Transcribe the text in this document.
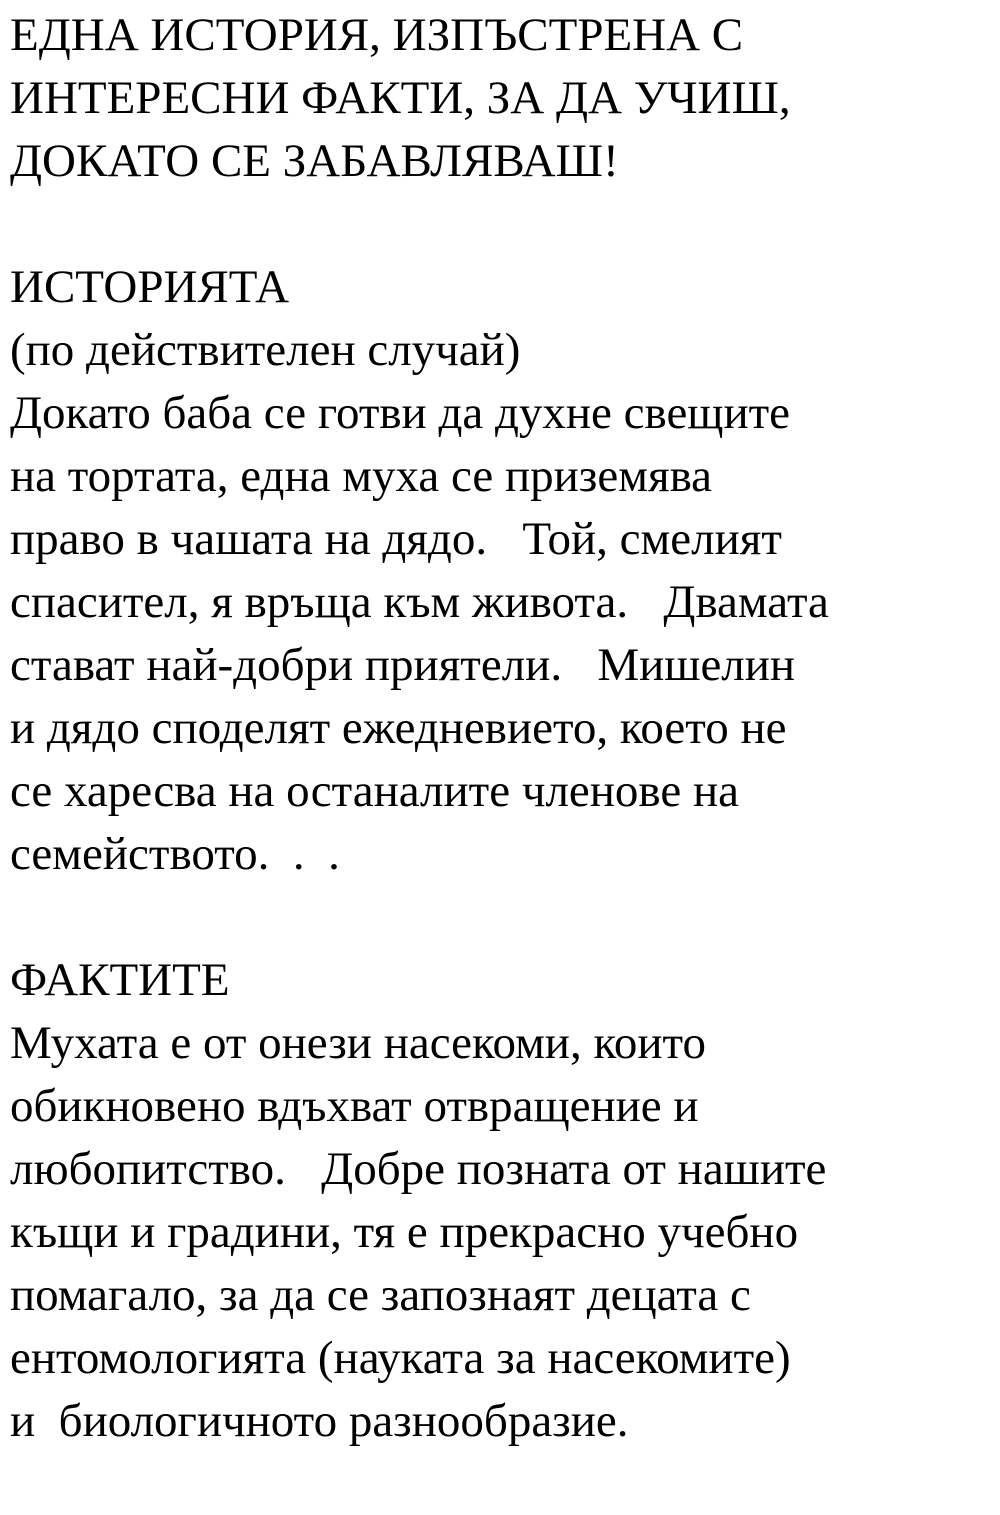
ЕДНА ИСТОРИЯ, ИЗПЪСТРЕНА С
ИНТЕРЕСНИ ФАКТИ, ЗА ДА УЧИШ,
ДОКАТО СЕ ЗАБАВЛЯВАШ!
ИСТОРИЯТА
(по действителен случай)
Докато баба се готви да духне свещите
на тортата, една муха се приземява
право в чашата на дядо.   Той, смелият
спасител, я връща към живота.   Двамата
стават най-добри приятели.   Мишелин
и дядо споделят ежедневието, което не
се харесва на останалите членове на
семейството.  .  .
ФАКТИТЕ
Мухата е от онези насекоми, които
обикновено вдъхват отвращение и
любопитство.   Добре позната от нашите
къщи и градини, тя е прекрасно учебно
помагало, за да се запознаят децата с
ентомологията (науката за насекомите)
и  биологичното разнообразие.
